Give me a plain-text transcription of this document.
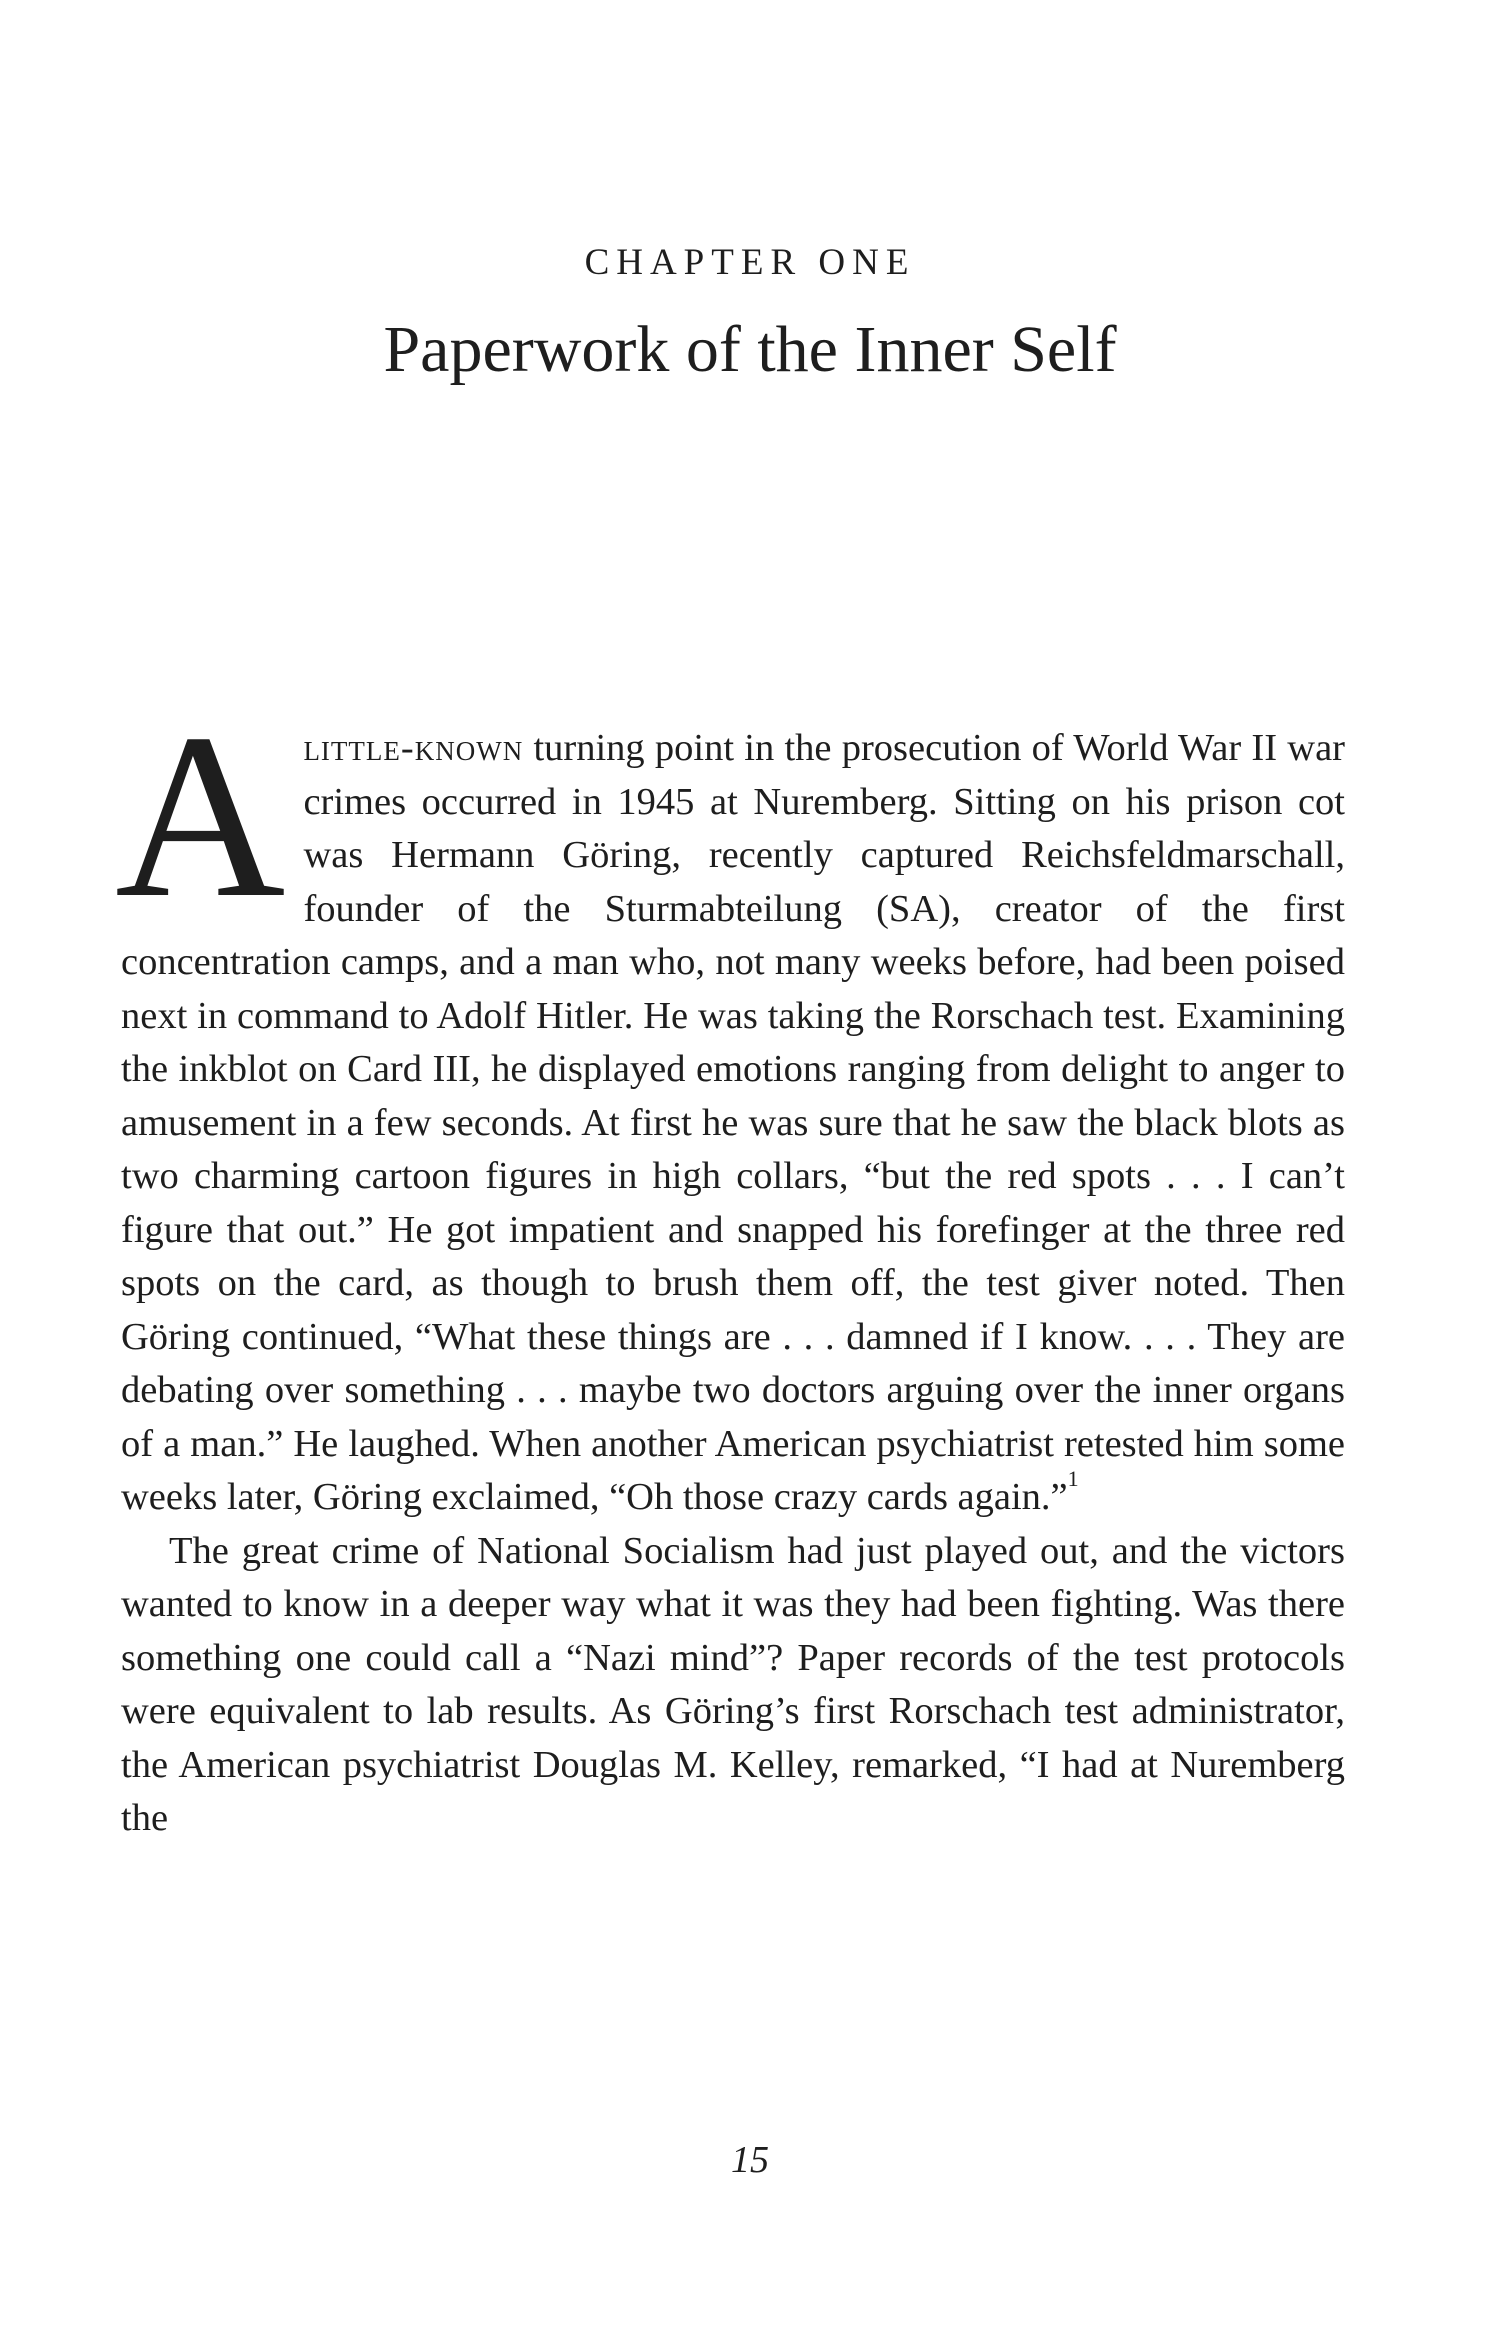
CHAPTER ONE
Paperwork of the Inner Self

Alittle-known turning point in the prosecution of World War II war crimes occurred in 1945 at Nuremberg. Sitting on his prison cot was Hermann Göring, recently captured Reichsfeldmarschall, founder of the Sturmabteilung (SA), creator of the first concentration camps, and a man who, not many weeks before, had been poised next in command to Adolf Hitler. He was taking the Rorschach test. Examining the inkblot on Card III, he displayed emotions ranging from delight to anger to amusement in a few seconds. At first he was sure that he saw the black blots as two charming cartoon figures in high collars, “but the red spots . . . I can’t figure that out.” He got impatient and snapped his forefinger at the three red spots on the card, as though to brush them off, the test giver noted. Then Göring continued, “What these things are . . . damned if I know. . . . They are debating over something . . . maybe two doctors arguing over the inner organs of a man.” He laughed. When another American psychiatrist retested him some weeks later, Göring exclaimed, “Oh those crazy cards again.”$^1$

The great crime of National Socialism had just played out, and the victors wanted to know in a deeper way what it was they had been fighting. Was there something one could call a “Nazi mind”? Paper records of the test protocols were equivalent to lab results. As Göring’s first Rorschach test administrator, the American psychiatrist Douglas M. Kelley, remarked, “I had at Nuremberg the

15
